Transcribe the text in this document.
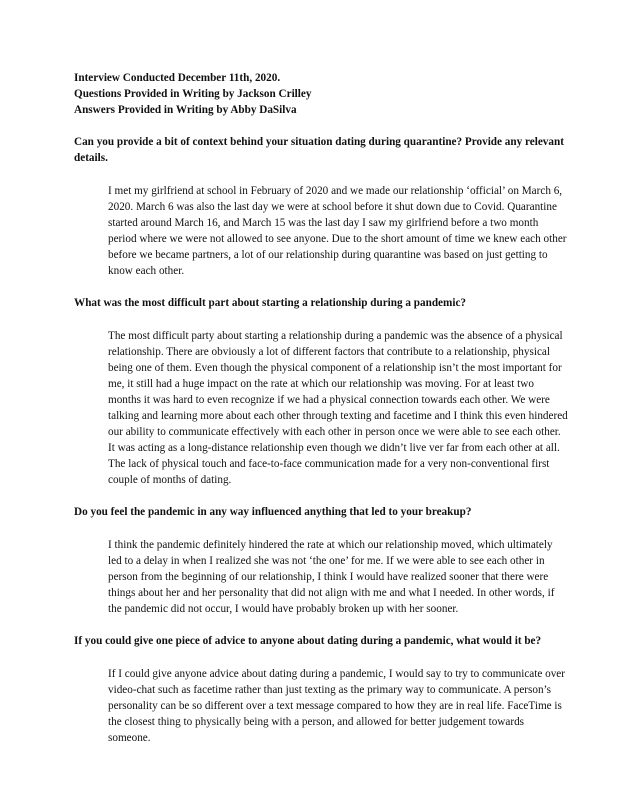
Interview Conducted December 11th, 2020.
Questions Provided in Writing by Jackson Crilley
Answers Provided in Writing by Abby DaSilva

Can you provide a bit of context behind your situation dating during quarantine? Provide any relevant details.

I met my girlfriend at school in February of 2020 and we made our relationship ‘official’ on March 6, 2020. March 6 was also the last day we were at school before it shut down due to Covid. Quarantine started around March 16, and March 15 was the last day I saw my girlfriend before a two month period where we were not allowed to see anyone. Due to the short amount of time we knew each other before we became partners, a lot of our relationship during quarantine was based on just getting to know each other.

What was the most difficult part about starting a relationship during a pandemic?

The most difficult party about starting a relationship during a pandemic was the absence of a physical relationship. There are obviously a lot of different factors that contribute to a relationship, physical being one of them. Even though the physical component of a relationship isn’t the most important for me, it still had a huge impact on the rate at which our relationship was moving. For at least two months it was hard to even recognize if we had a physical connection towards each other. We were talking and learning more about each other through texting and facetime and I think this even hindered our ability to communicate effectively with each other in person once we were able to see each other. It was acting as a long-distance relationship even though we didn’t live ver far from each other at all. The lack of physical touch and face-to-face communication made for a very non-conventional first couple of months of dating.

Do you feel the pandemic in any way influenced anything that led to your breakup?

I think the pandemic definitely hindered the rate at which our relationship moved, which ultimately led to a delay in when I realized she was not ‘the one’ for me. If we were able to see each other in person from the beginning of our relationship, I think I would have realized sooner that there were things about her and her personality that did not align with me and what I needed. In other words, if the pandemic did not occur, I would have probably broken up with her sooner.

If you could give one piece of advice to anyone about dating during a pandemic, what would it be?

If I could give anyone advice about dating during a pandemic, I would say to try to communicate over video-chat such as facetime rather than just texting as the primary way to communicate. A person’s personality can be so different over a text message compared to how they are in real life. FaceTime is the closest thing to physically being with a person, and allowed for better judgement towards someone.
